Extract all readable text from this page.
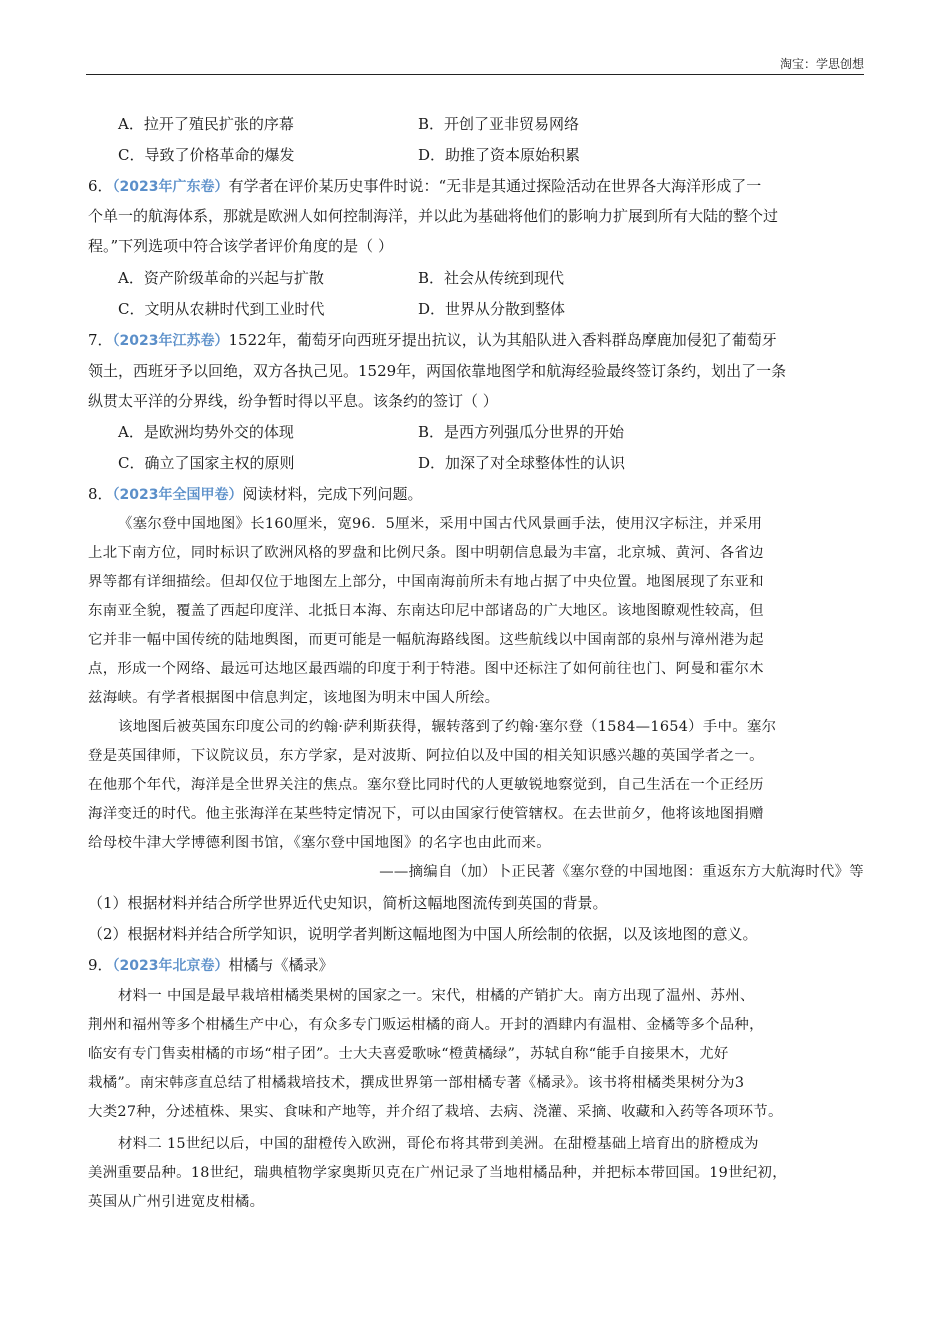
淘宝：学思创想
A．拉开了殖民扩张的序幕	B．开创了亚非贸易网络
C．导致了价格革命的爆发	D．助推了资本原始积累
6．（2023年广东卷）有学者在评价某历史事件时说：“无非是其通过探险活动在世界各大海洋形成了一
个单一的航海体系，那就是欧洲人如何控制海洋，并以此为基础将他们的影响力扩展到所有大陆的整个过
程。”下列选项中符合该学者评价角度的是（ ）
A．资产阶级革命的兴起与扩散	B．社会从传统到现代
C．文明从农耕时代到工业时代	D．世界从分散到整体
7．（2023年江苏卷）1522年，葡萄牙向西班牙提出抗议，认为其船队进入香料群岛摩鹿加侵犯了葡萄牙
领土，西班牙予以回绝，双方各执己见。1529年，两国依靠地图学和航海经验最终签订条约，划出了一条
纵贯太平洋的分界线，纷争暂时得以平息。该条约的签订（ ）
A．是欧洲均势外交的体现	B．是西方列强瓜分世界的开始
C．确立了国家主权的原则	D．加深了对全球整体性的认识
8．（2023年全国甲卷）阅读材料，完成下列问题。
《塞尔登中国地图》长160厘米，宽96．5厘米，采用中国古代风景画手法，使用汉字标注，并采用
上北下南方位，同时标识了欧洲风格的罗盘和比例尺条。图中明朝信息最为丰富，北京城、黄河、各省边
界等都有详细描绘。但却仅位于地图左上部分，中国南海前所未有地占据了中央位置。地图展现了东亚和
东南亚全貌，覆盖了西起印度洋、北抵日本海、东南达印尼中部诸岛的广大地区。该地图瞭观性较高，但
它并非一幅中国传统的陆地舆图，而更可能是一幅航海路线图。这些航线以中国南部的泉州与漳州港为起
点，形成一个网络、最远可达地区最西端的印度于利于特港。图中还标注了如何前往也门、阿曼和霍尔木
兹海峡。有学者根据图中信息判定，该地图为明末中国人所绘。
该地图后被英国东印度公司的约翰·萨利斯获得，辗转落到了约翰·塞尔登（1584—1654）手中。塞尔
登是英国律师，下议院议员，东方学家，是对波斯、阿拉伯以及中国的相关知识感兴趣的英国学者之一。
在他那个年代，海洋是全世界关注的焦点。塞尔登比同时代的人更敏锐地察觉到，自己生活在一个正经历
海洋变迁的时代。他主张海洋在某些特定情况下，可以由国家行使管辖权。在去世前夕，他将该地图捐赠
给母校牛津大学博德利图书馆，《塞尔登中国地图》的名字也由此而来。
——摘编自（加）卜正民著《塞尔登的中国地图：重返东方大航海时代》等
（1）根据材料并结合所学世界近代史知识，简析这幅地图流传到英国的背景。
（2）根据材料并结合所学知识，说明学者判断这幅地图为中国人所绘制的依据，以及该地图的意义。
9．（2023年北京卷）柑橘与《橘录》
材料一 中国是最早栽培柑橘类果树的国家之一。宋代，柑橘的产销扩大。南方出现了温州、苏州、
荆州和福州等多个柑橘生产中心，有众多专门贩运柑橘的商人。开封的酒肆内有温柑、金橘等多个品种，
临安有专门售卖柑橘的市场“柑子团”。士大夫喜爱歌咏“橙黄橘绿”，苏轼自称“能手自接果木，尤好
栽橘”。南宋韩彦直总结了柑橘栽培技术，撰成世界第一部柑橘专著《橘录》。该书将柑橘类果树分为3
大类27种，分述植株、果实、食味和产地等，并介绍了栽培、去病、浇灌、采摘、收藏和入药等各项环节。
材料二 15世纪以后，中国的甜橙传入欧洲，哥伦布将其带到美洲。在甜橙基础上培育出的脐橙成为
美洲重要品种。18世纪，瑞典植物学家奥斯贝克在广州记录了当地柑橘品种，并把标本带回国。19世纪初，
英国从广州引进宽皮柑橘。
